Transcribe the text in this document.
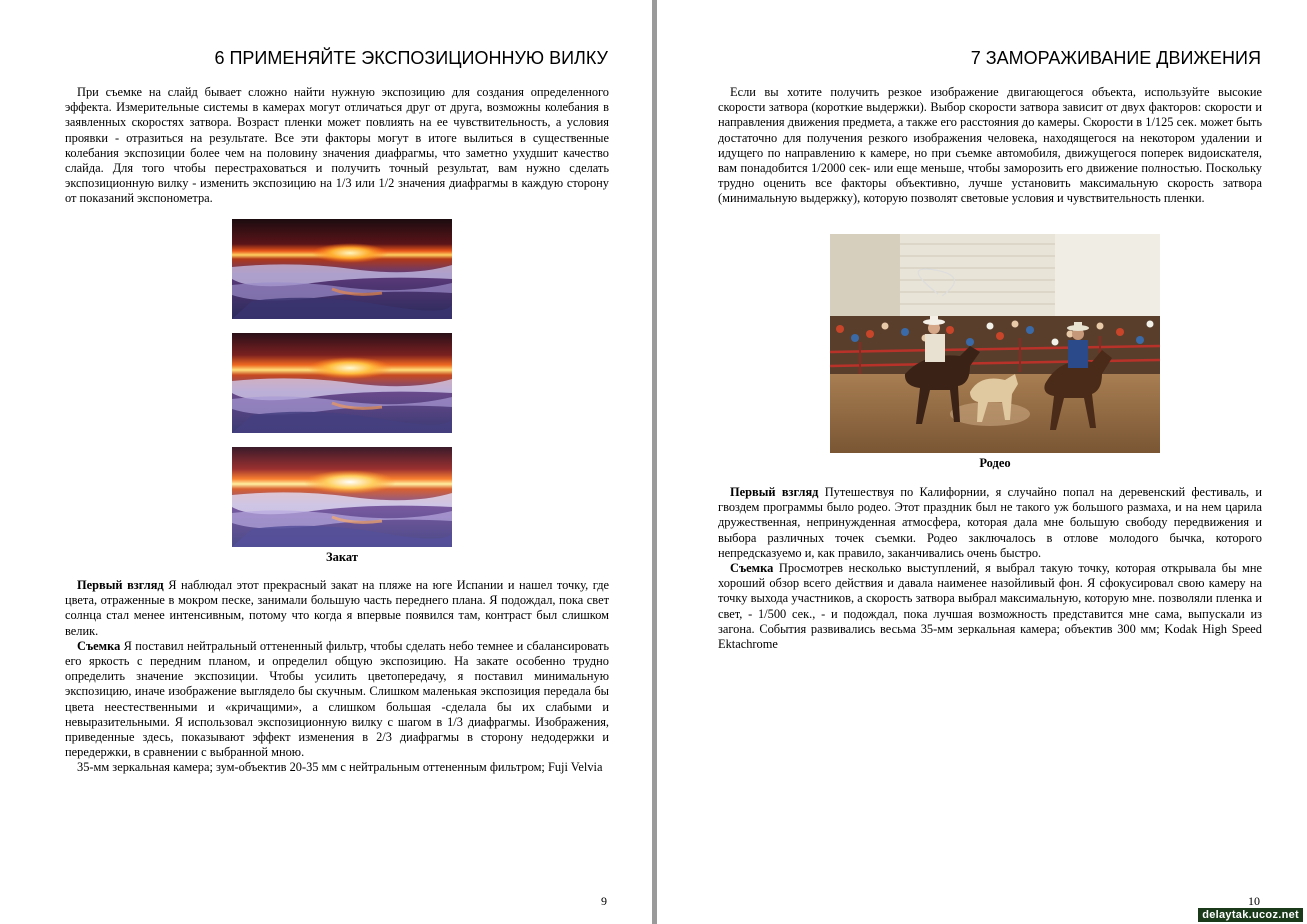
6 ПРИМЕНЯЙТЕ ЭКСПОЗИЦИОННУЮ ВИЛКУ

При съемке на слайд бывает сложно найти нужную экспозицию для создания определенного эффекта. Измерительные системы в камерах могут отличаться друг от друга, возможны колебания в заявленных скоростях затвора. Возраст пленки может повлиять на ее чувствительность, а условия проявки - отразиться на результате. Все эти факторы могут в итоге вылиться в существенные колебания экспозиции более чем на половину значения диафрагмы, что заметно ухудшит качество слайда. Для того чтобы перестраховаться и получить точный результат, вам нужно сделать экспозиционную вилку - изменить экспозицию на 1/3 или 1/2 значения диафрагмы в каждую сторону от показаний экспонометра.

Закат

Первый взгляд Я наблюдал этот прекрасный закат на пляже на юге Испании и нашел точку, где цвета, отраженные в мокром песке, занимали большую часть переднего плана. Я подождал, пока свет солнца стал менее интенсивным, потому что когда я впервые появился там, контраст был слишком велик.

Съемка Я поставил нейтральный оттененный фильтр, чтобы сделать небо темнее и сбалансировать его яркость с передним планом, и определил общую экспозицию. На закате особенно трудно определить значение экспозиции. Чтобы усилить цветопередачу, я поставил минимальную экспозицию, иначе изображение выглядело бы скучным. Слишком маленькая экспозиция передала бы цвета неестественными и «кричащими», а слишком большая -сделала бы их слабыми и невыразительными. Я использовал экспозиционную вилку с шагом в 1/3 диафрагмы. Изображения, приведенные здесь, показывают эффект изменения в 2/3 диафрагмы в сторону недодержки и передержки, в сравнении с выбранной мною.

35-мм зеркальная камера; зум-объектив 20-35 мм с нейтральным оттененным фильтром; Fuji Velvia

9
7 ЗАМОРАЖИВАНИЕ ДВИЖЕНИЯ

Если вы хотите получить резкое изображение двигающегося объекта, используйте высокие скорости затвора (короткие выдержки). Выбор скорости затвора зависит от двух факторов: скорости и направления движения предмета, а также его расстояния до камеры. Скорости в 1/125 сек. может быть достаточно для получения резкого изображения человека, находящегося на некотором удалении и идущего по направлению к камере, но при съемке автомобиля, движущегося поперек видоискателя, вам понадобится 1/2000 сек- или еще меньше, чтобы заморозить его движение полностью. Поскольку трудно оценить все факторы объективно, лучше установить максимальную скорость затвора (минимальную выдержку), которую позволят световые условия и чувствительность пленки.

Родео

Первый взгляд Путешествуя по Калифорнии, я случайно попал на деревенский фестиваль, и гвоздем программы было родео. Этот праздник был не такого уж большого размаха, и на нем царила дружественная, непринужденная атмосфера, которая дала мне большую свободу передвижения и выбора различных точек съемки. Родео заключалось в отлове молодого бычка, которого непредсказуемо и, как правило, заканчивались очень быстро.

Съемка Просмотрев несколько выступлений, я выбрал такую точку, которая открывала бы мне хороший обзор всего действия и давала наименее назойливый фон. Я сфокусировал свою камеру на точку выхода участников, а скорость затвора выбрал максимальную, которую мне. позволяли пленка и свет, - 1/500 сек., - и подождал, пока лучшая возможность представится мне сама, выпускали из загона. События развивались весьма 35-мм зеркальная камера; объектив 300 мм; Kodak High Speed Ektachrome

10
delaytak.ucoz.net
